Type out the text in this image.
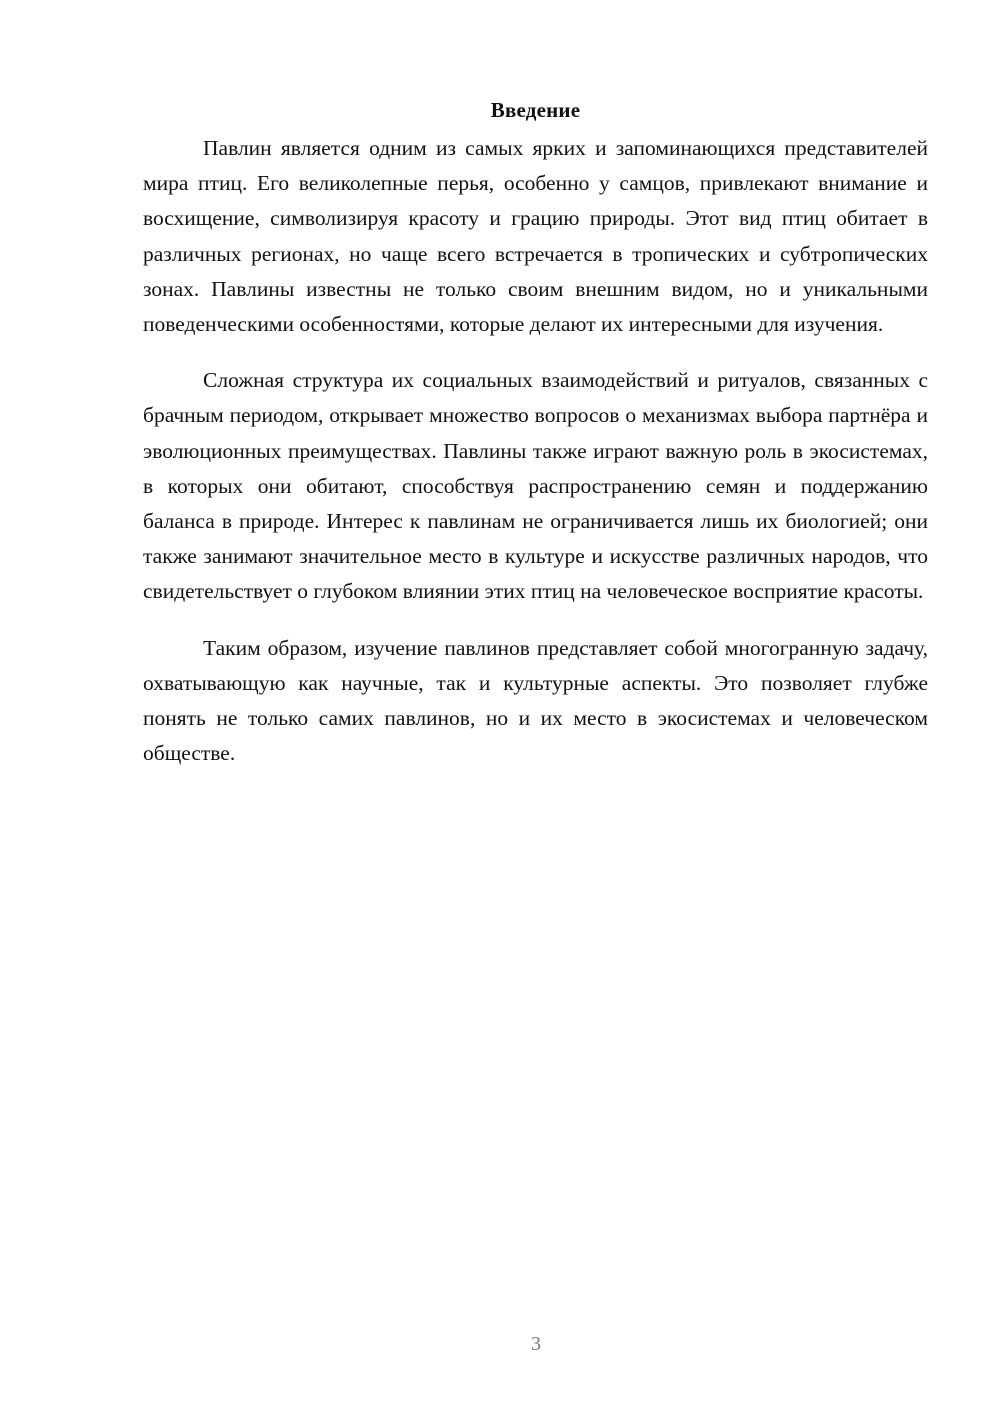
Введение

Павлин является одним из самых ярких и запоминающихся представителей мира птиц. Его великолепные перья, особенно у самцов, привлекают внимание и восхищение, символизируя красоту и грацию природы. Этот вид птиц обитает в различных регионах, но чаще всего встречается в тропических и субтропических зонах. Павлины известны не только своим внешним видом, но и уникальными поведенческими особенностями, которые делают их интересными для изучения.

Сложная структура их социальных взаимодействий и ритуалов, связанных с брачным периодом, открывает множество вопросов о механизмах выбора партнёра и эволюционных преимуществах. Павлины также играют важную роль в экосистемах, в которых они обитают, способствуя распространению семян и поддержанию баланса в природе. Интерес к павлинам не ограничивается лишь их биологией; они также занимают значительное место в культуре и искусстве различных народов, что свидетельствует о глубоком влиянии этих птиц на человеческое восприятие красоты.

Таким образом, изучение павлинов представляет собой многогранную задачу, охватывающую как научные, так и культурные аспекты. Это позволяет глубже понять не только самих павлинов, но и их место в экосистемах и человеческом обществе.

3
